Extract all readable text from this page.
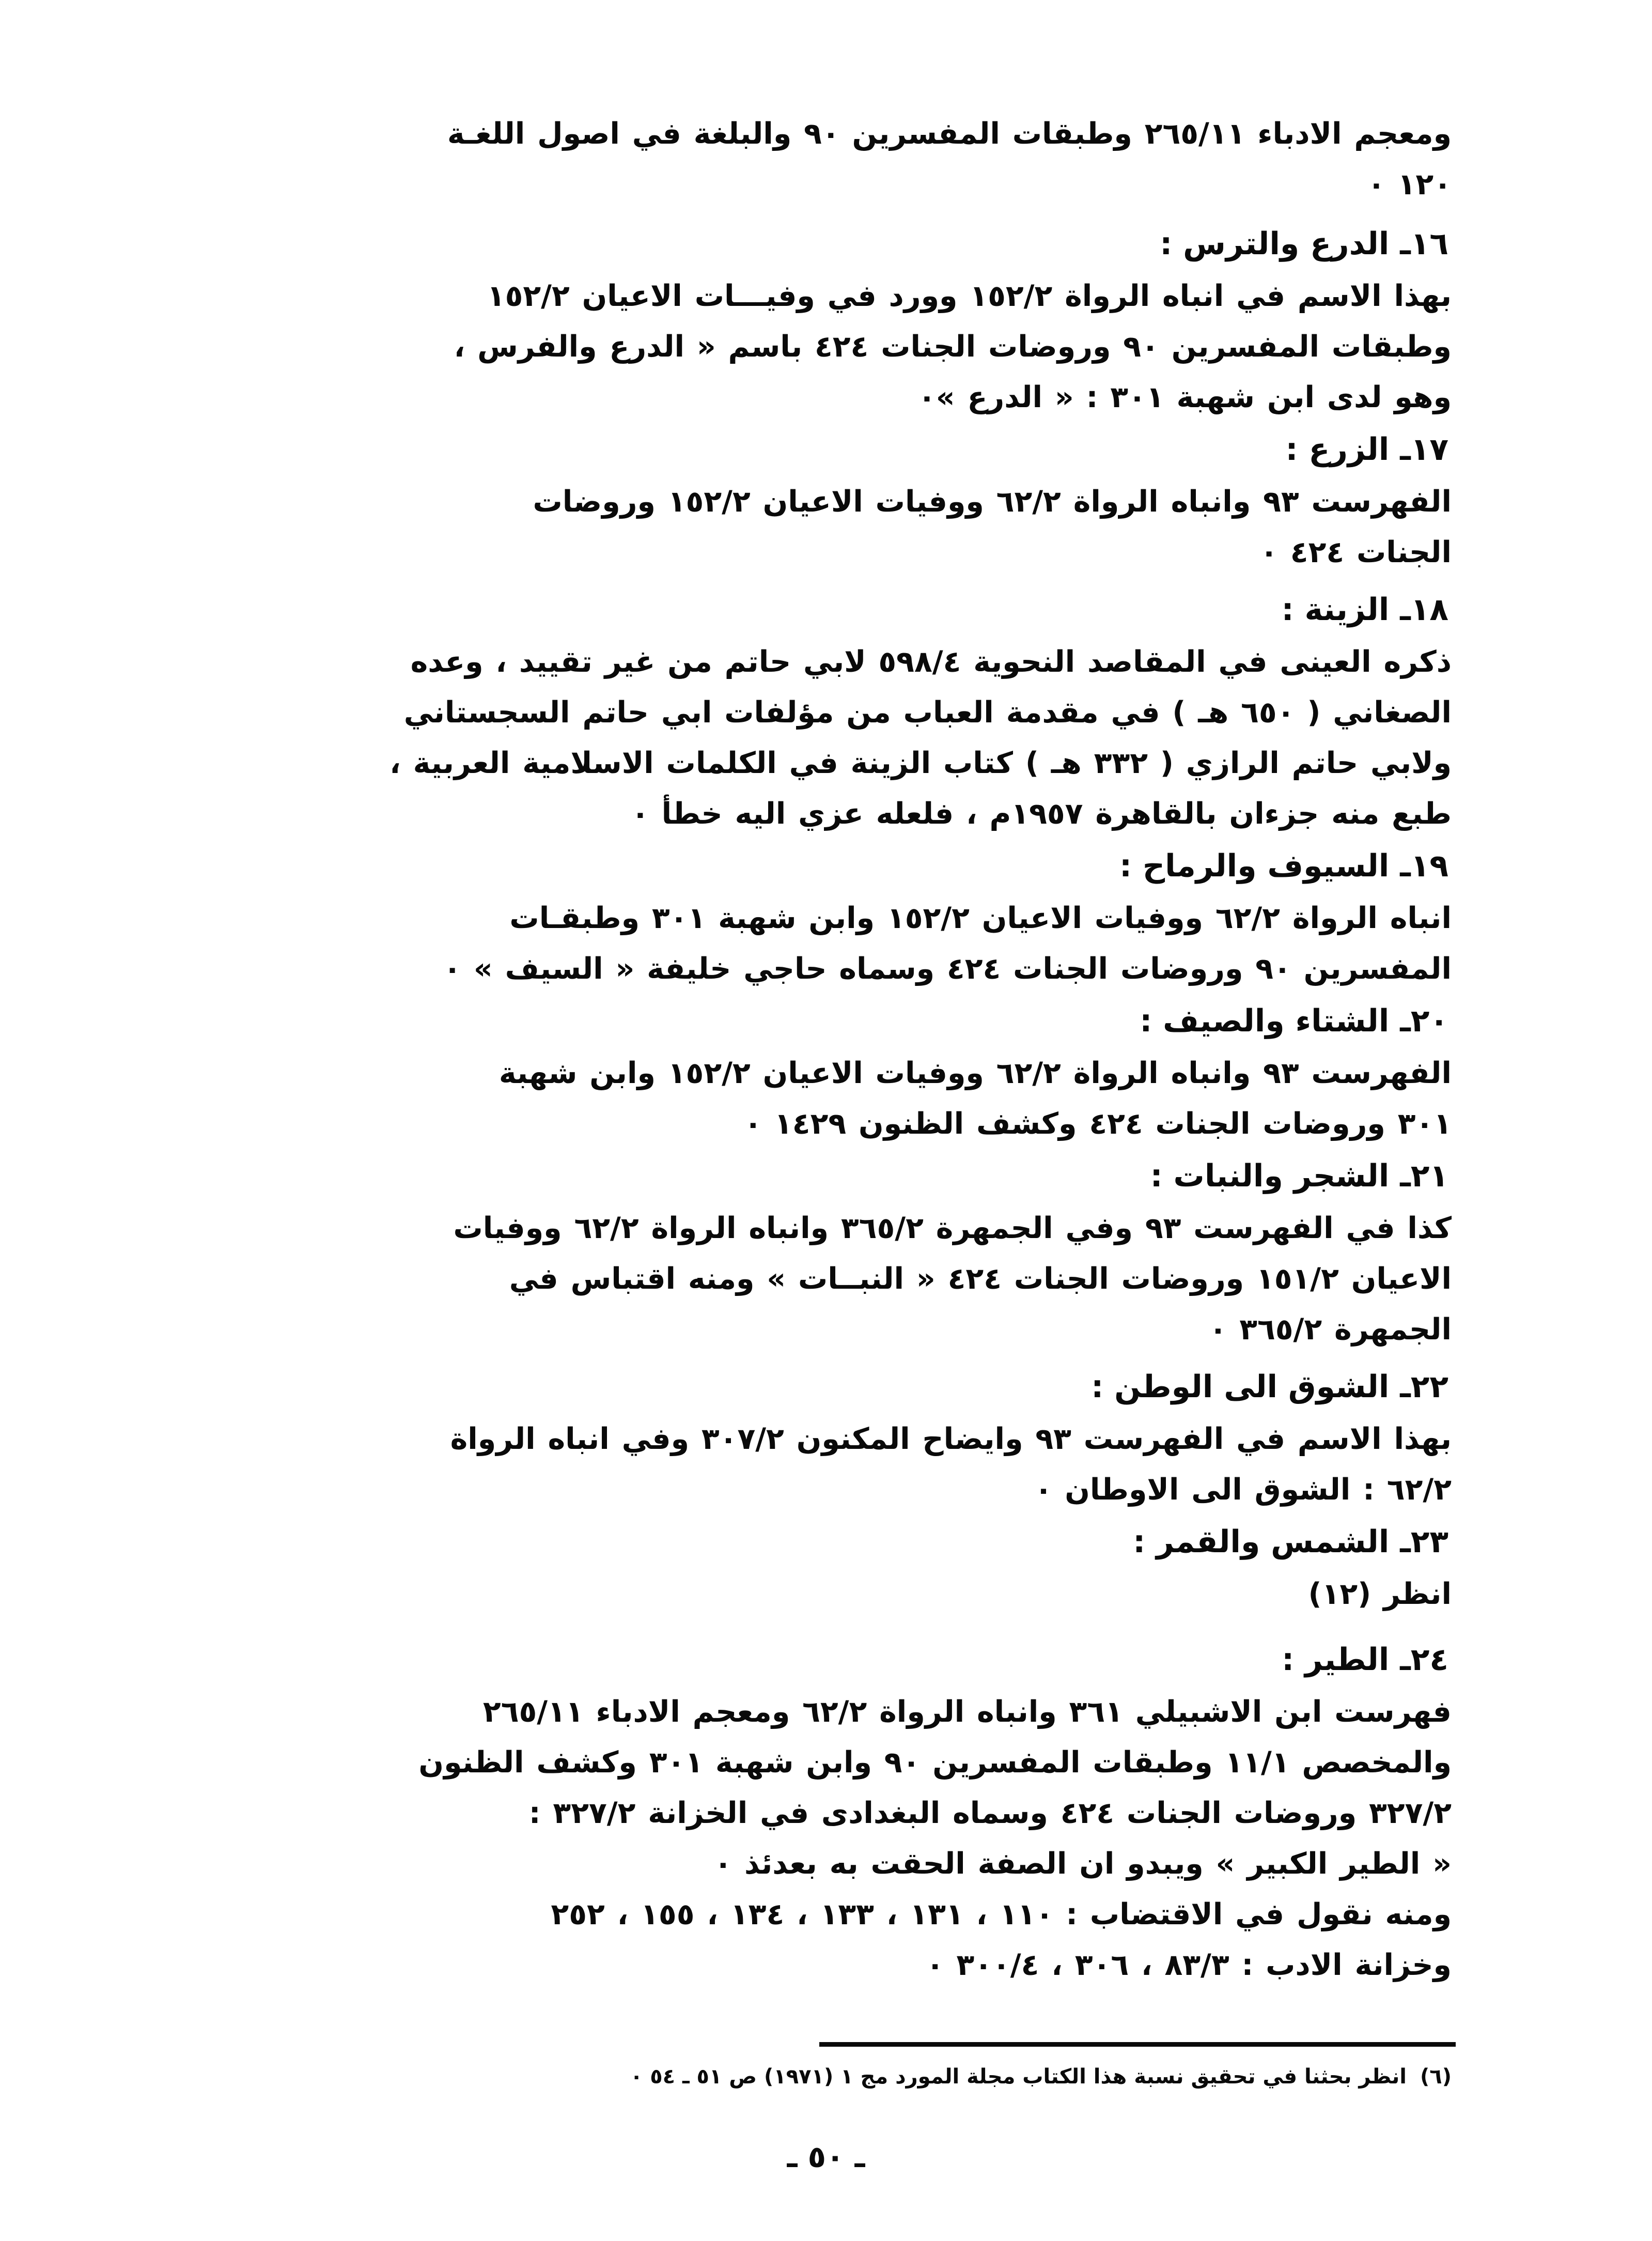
ومعجم الادباء ٢٦٥/١١ وطبقات المفسرين ٩٠ والبلغة في اصول اللغـة
١٢٠ ٠
١٦ـ الدرع والترس :
بهذا الاسم في انباه الرواة ١٥٢/٢ وورد في وفيـــات الاعيان ١٥٢/٢
وطبقات المفسرين ٩٠ وروضات الجنات ٤٢٤ باسم « الدرع والفرس ،
وهو لدى ابن شهبة ٣٠١ : « الدرع »٠
١٧ـ الزرع :
الفهرست ٩٣ وانباه الرواة ٦٢/٢ ووفيات الاعيان ١٥٢/٢ وروضات
الجنات ٤٢٤ ٠
١٨ـ الزينة :
ذكره العينى في المقاصد النحوية ٥٩٨/٤ لابي حاتم من غير تقييد ، وعده
الصغاني ( ٦٥٠ هـ ) في مقدمة العباب من مؤلفات ابي حاتم السجستاني
ولابي حاتم الرازي ( ٣٣٢ هـ ) كتاب الزينة في الكلمات الاسلامية العربية ،
طبع منه جزءان بالقاهرة ١٩٥٧م ، فلعله عزي اليه خطأ ٠
١٩ـ السيوف والرماح :
انباه الرواة ٦٢/٢ ووفيات الاعيان ١٥٢/٢ وابن شهبة ٣٠١ وطبقـات
المفسرين ٩٠ وروضات الجنات ٤٢٤ وسماه حاجي خليفة « السيف » ٠
٢٠ـ الشتاء والصيف :
الفهرست ٩٣ وانباه الرواة ٦٢/٢ ووفيات الاعيان ١٥٢/٢ وابن شهبة
٣٠١ وروضات الجنات ٤٢٤ وكشف الظنون ١٤٢٩ ٠
٢١ـ الشجر والنبات :
كذا في الفهرست ٩٣ وفي الجمهرة ٣٦٥/٢ وانباه الرواة ٦٢/٢ ووفيات
الاعيان ١٥١/٢ وروضات الجنات ٤٢٤ « النبــات » ومنه اقتباس في
الجمهرة ٣٦٥/٢ ٠
٢٢ـ الشوق الى الوطن :
بهذا الاسم في الفهرست ٩٣ وايضاح المكنون ٣٠٧/٢ وفي انباه الرواة
٦٢/٢ : الشوق الى الاوطان ٠
٢٣ـ الشمس والقمر :
انظر (١٢)
٢٤ـ الطير :
فهرست ابن الاشبيلي ٣٦١ وانباه الرواة ٦٢/٢ ومعجم الادباء ٢٦٥/١١
والمخصص ١١/١ وطبقات المفسرين ٩٠ وابن شهبة ٣٠١ وكشف الظنون
٣٢٧/٢ وروضات الجنات ٤٢٤ وسماه البغدادى في الخزانة ٣٢٧/٢ :
« الطير الكبير » ويبدو ان الصفة الحقت به بعدئذ ٠
ومنه نقول في الاقتضاب : ١١٠ ، ١٣١ ، ١٣٣ ، ١٣٤ ، ١٥٥ ، ٢٥٢
وخزانة الادب : ٨٣/٣ ، ٣٠٦ ، ٣٠٠/٤ ٠
(٦)انظر بحثنا في تحقيق نسبة هذا الكتاب مجلة المورد مج ١ (١٩٧١) ص ٥١ ـ ٥٤ ٠
ـ ٥٠ ـ
